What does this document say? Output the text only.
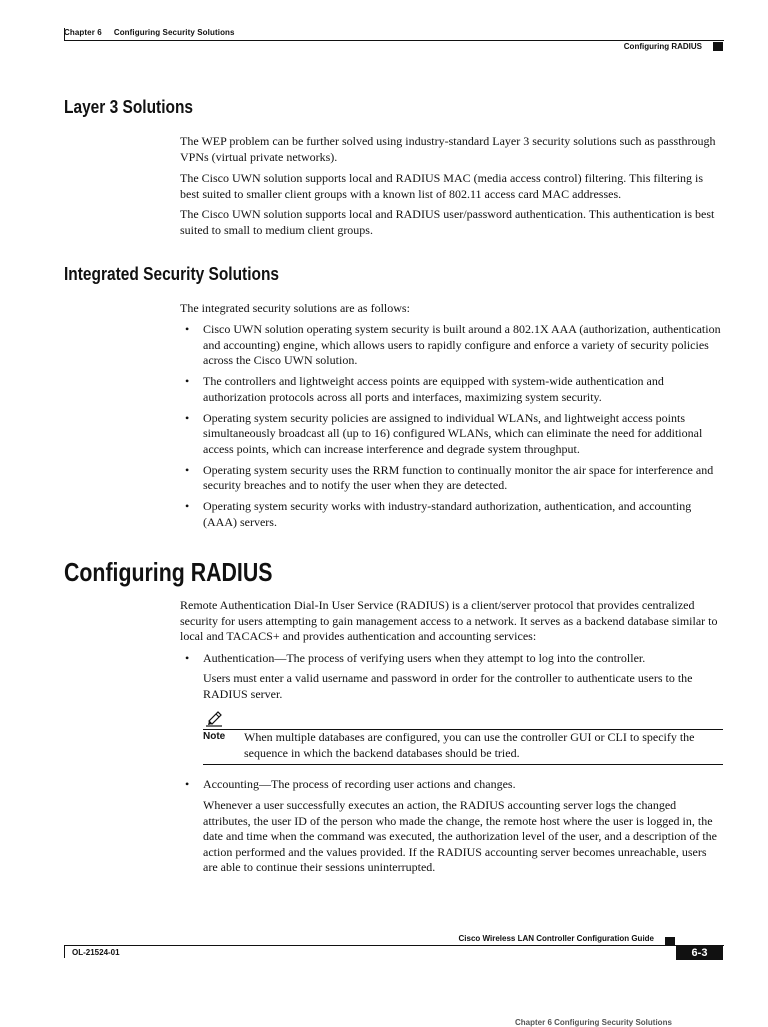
Chapter 6 Configuring Security Solutions
Configuring RADIUS
Layer 3 Solutions

The WEP problem can be further solved using industry-standard Layer 3 security solutions such as passthrough VPNs (virtual private networks).

The Cisco UWN solution supports local and RADIUS MAC (media access control) filtering. This filtering is best suited to smaller client groups with a known list of 802.11 access card MAC addresses.

The Cisco UWN solution supports local and RADIUS user/password authentication. This authentication is best suited to small to medium client groups.

Integrated Security Solutions

The integrated security solutions are as follows:

• Cisco UWN solution operating system security is built around a 802.1X AAA (authorization, authentication and accounting) engine, which allows users to rapidly configure and enforce a variety of security policies across the Cisco UWN solution.
• The controllers and lightweight access points are equipped with system-wide authentication and authorization protocols across all ports and interfaces, maximizing system security.
• Operating system security policies are assigned to individual WLANs, and lightweight access points simultaneously broadcast all (up to 16) configured WLANs, which can eliminate the need for additional access points, which can increase interference and degrade system throughput.
• Operating system security uses the RRM function to continually monitor the air space for interference and security breaches and to notify the user when they are detected.
• Operating system security works with industry-standard authorization, authentication, and accounting (AAA) servers.
Configuring RADIUS

Remote Authentication Dial-In User Service (RADIUS) is a client/server protocol that provides centralized security for users attempting to gain management access to a network. It serves as a backend database similar to local and TACACS+ and provides authentication and accounting services:

• Authentication—The process of verifying users when they attempt to log into the controller.

Users must enter a valid username and password in order for the controller to authenticate users to the RADIUS server.

Note When multiple databases are configured, you can use the controller GUI or CLI to specify the sequence in which the backend databases should be tried.

• Accounting—The process of recording user actions and changes.

Whenever a user successfully executes an action, the RADIUS accounting server logs the changed attributes, the user ID of the person who made the change, the remote host where the user is logged in, the date and time when the command was executed, the authorization level of the user, and a description of the action performed and the values provided. If the RADIUS accounting server becomes unreachable, users are able to continue their sessions uninterrupted.

Cisco Wireless LAN Controller Configuration Guide
OL-21524-01	6-3
Chapter 6 Configuring Security Solutions
